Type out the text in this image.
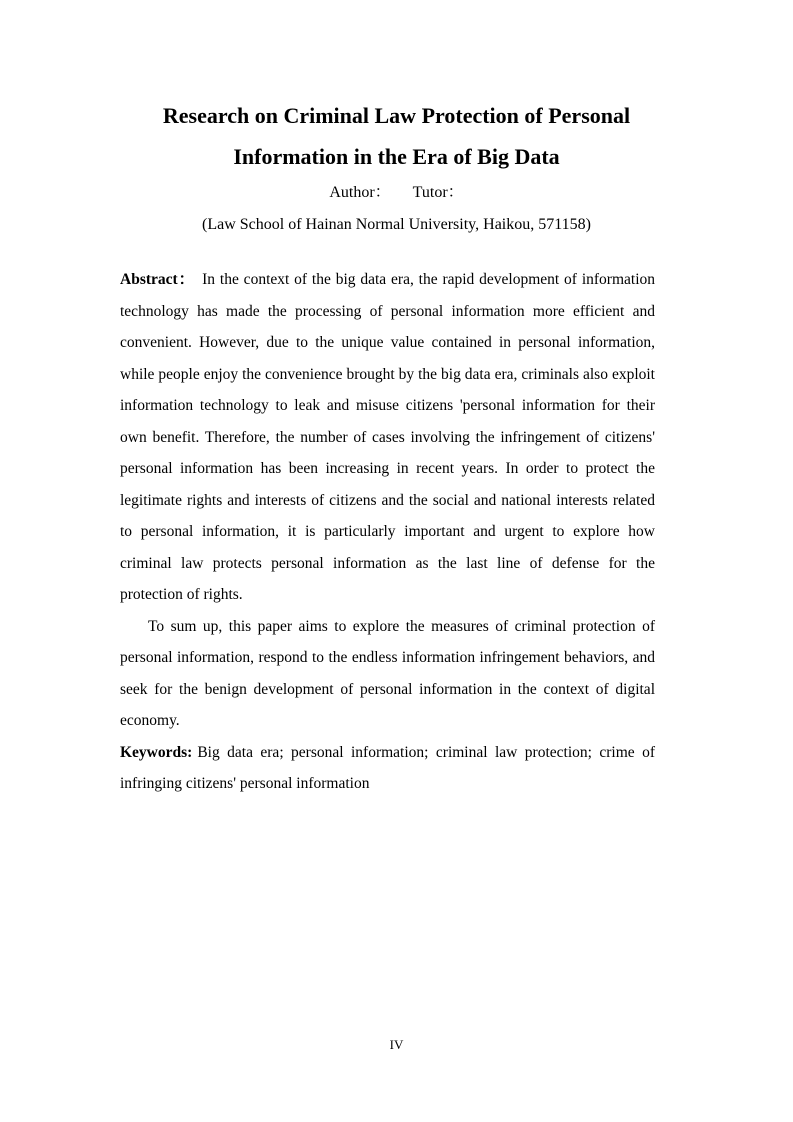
Research on Criminal Law Protection of Personal
Information in the Era of Big Data
Author： Tutor：
(Law School of Hainan Normal University, Haikou, 571158)

Abstract： In the context of the big data era, the rapid development of information technology has made the processing of personal information more efficient and convenient. However, due to the unique value contained in personal information, while people enjoy the convenience brought by the big data era, criminals also exploit information technology to leak and misuse citizens 'personal information for their own benefit. Therefore, the number of cases involving the infringement of citizens' personal information has been increasing in recent years. In order to protect the legitimate rights and interests of citizens and the social and national interests related to personal information, it is particularly important and urgent to explore how criminal law protects personal information as the last line of defense for the protection of rights.

To sum up, this paper aims to explore the measures of criminal protection of personal information, respond to the endless information infringement behaviors, and seek for the benign development of personal information in the context of digital economy.

Keywords: Big data era; personal information; criminal law protection; crime of infringing citizens' personal information

IV
